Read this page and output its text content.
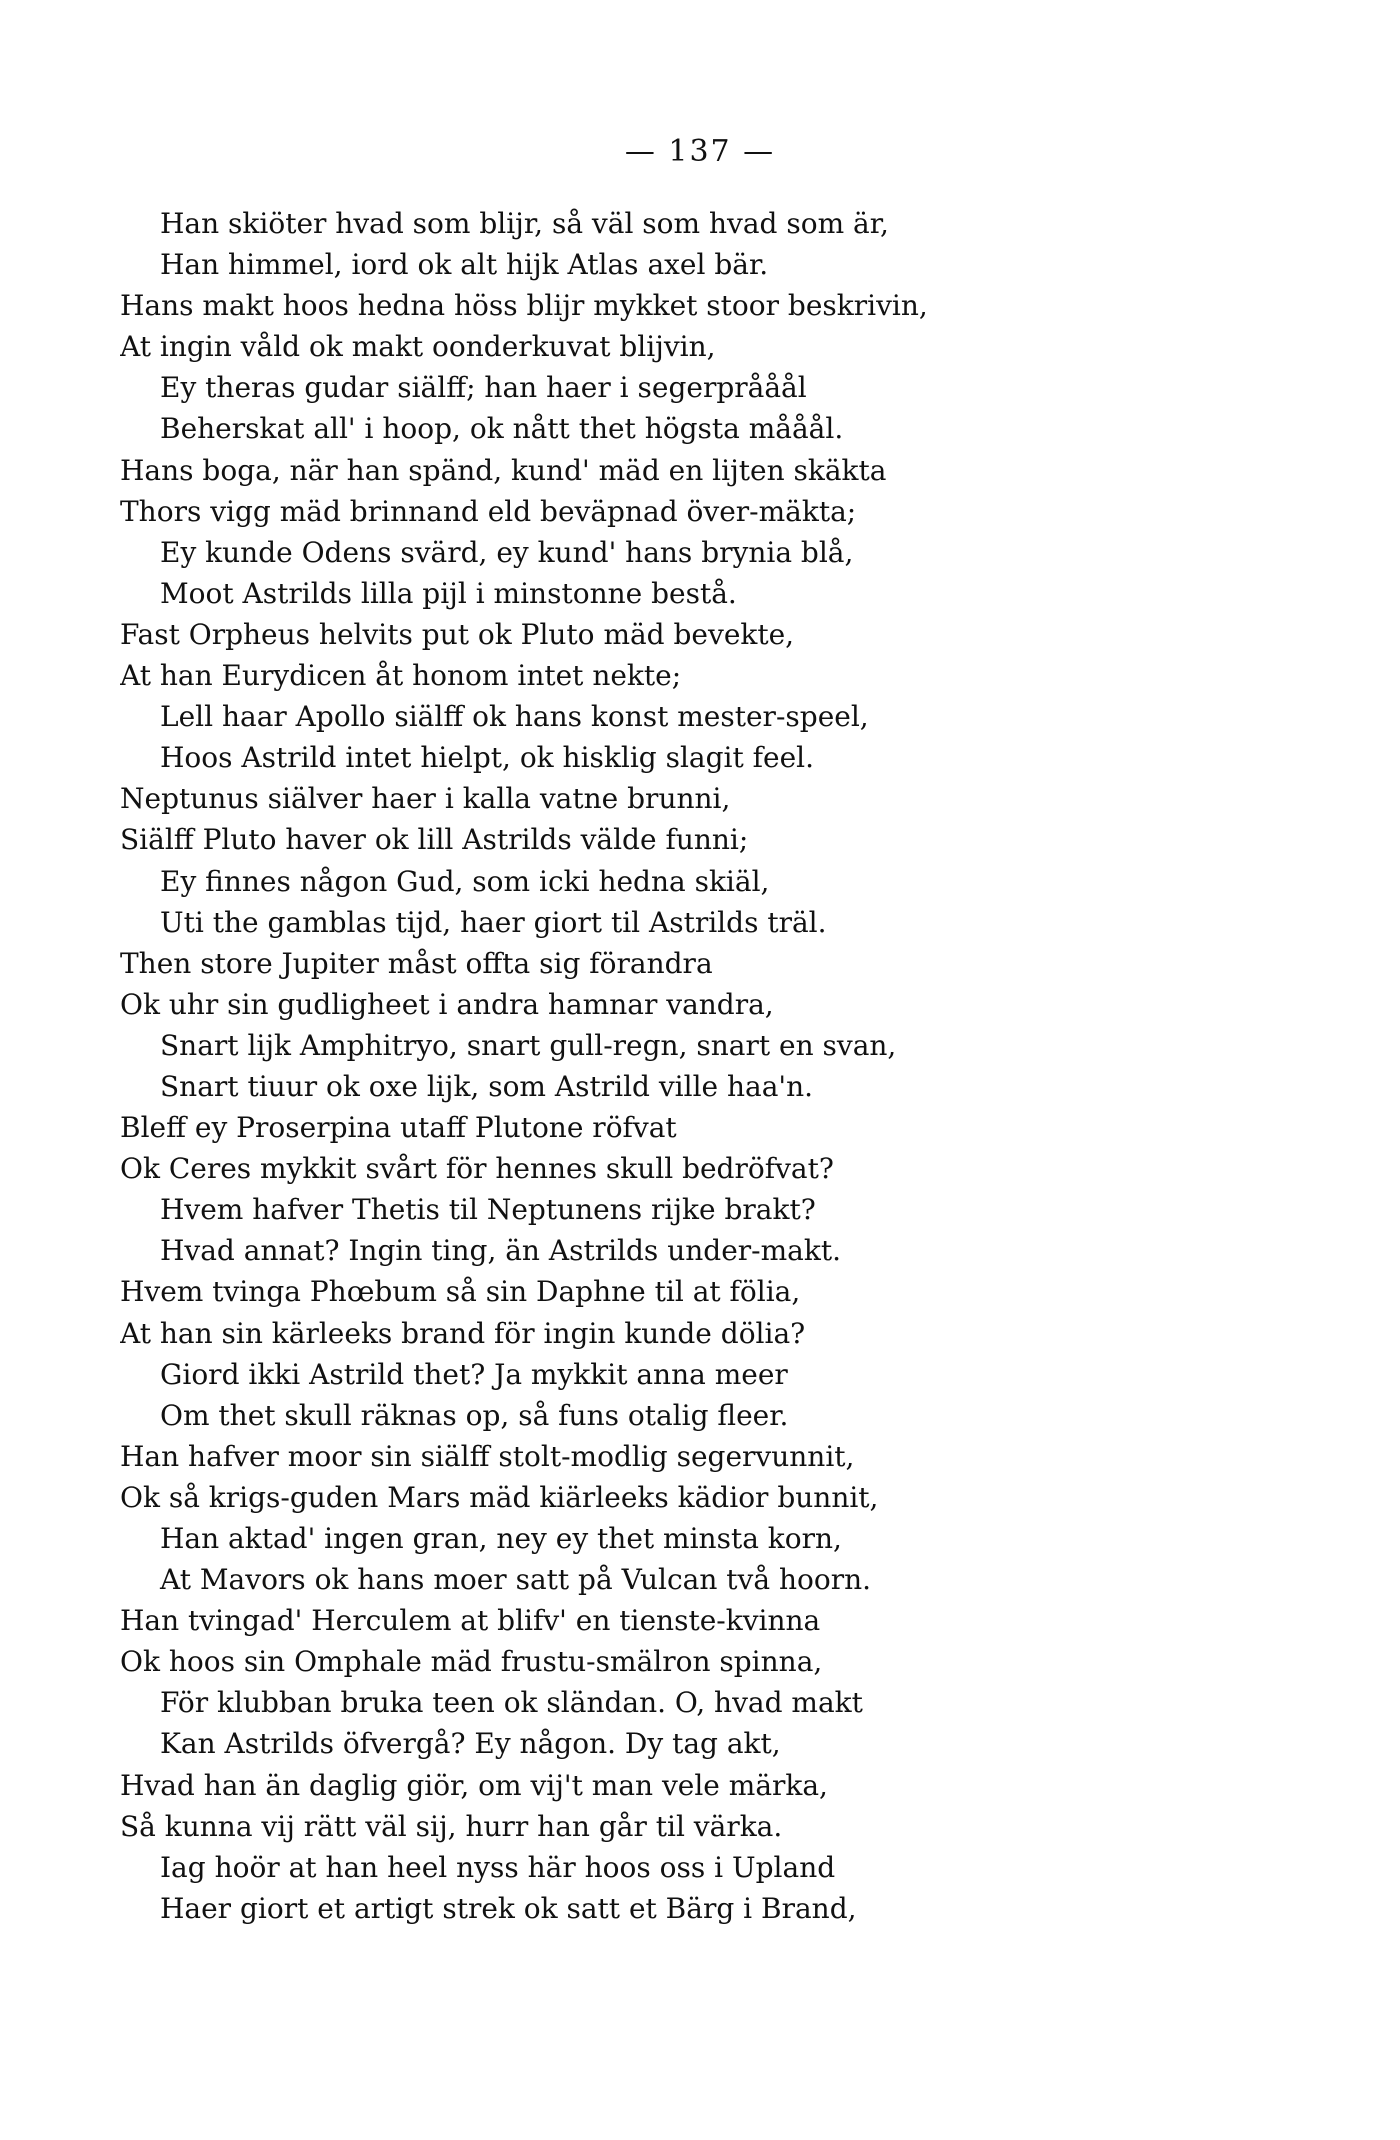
— 137 —
Han skiöter hvad som blijr, så väl som hvad som är,
Han himmel, iord ok alt hijk Atlas axel bär.
Hans makt hoos hedna höss blijr mykket stoor beskrivin,
At ingin våld ok makt oonderkuvat blijvin,
Ey theras gudar siälff; han haer i segerprååål
Beherskat all' i hoop, ok nått thet högsta mååål.
Hans boga, när han spänd, kund' mäd en lijten skäkta
Thors vigg mäd brinnand eld beväpnad över-mäkta;
Ey kunde Odens svärd, ey kund' hans brynia blå,
Moot Astrilds lilla pijl i minstonne bestå.
Fast Orpheus helvits put ok Pluto mäd bevekte,
At han Eurydicen åt honom intet nekte;
Lell haar Apollo siälff ok hans konst mester-speel,
Hoos Astrild intet hielpt, ok hisklig slagit feel.
Neptunus siälver haer i kalla vatne brunni,
Siälff Pluto haver ok lill Astrilds välde funni;
Ey finnes någon Gud, som icki hedna skiäl,
Uti the gamblas tijd, haer giort til Astrilds träl.
Then store Jupiter måst offta sig förandra
Ok uhr sin gudligheet i andra hamnar vandra,
Snart lijk Amphitryo, snart gull-regn, snart en svan,
Snart tiuur ok oxe lijk, som Astrild ville haa'n.
Bleff ey Proserpina utaff Plutone röfvat
Ok Ceres mykkit svårt för hennes skull bedröfvat?
Hvem hafver Thetis til Neptunens rijke brakt?
Hvad annat? Ingin ting, än Astrilds under-makt.
Hvem tvinga Phœbum så sin Daphne til at fölia,
At han sin kärleeks brand för ingin kunde dölia?
Giord ikki Astrild thet? Ja mykkit anna meer
Om thet skull räknas op, så funs otalig fleer.
Han hafver moor sin siälff stolt-modlig segervunnit,
Ok så krigs-guden Mars mäd kiärleeks kädior bunnit,
Han aktad' ingen gran, ney ey thet minsta korn,
At Mavors ok hans moer satt på Vulcan två hoorn.
Han tvingad' Herculem at blifv' en tienste-kvinna
Ok hoos sin Omphale mäd frustu-smälron spinna,
För klubban bruka teen ok sländan. O, hvad makt
Kan Astrilds öfvergå? Ey någon. Dy tag akt,
Hvad han än daglig giör, om vij't man vele märka,
Så kunna vij rätt väl sij, hurr han går til värka.
Iag hoör at han heel nyss här hoos oss i Upland
Haer giort et artigt strek ok satt et Bärg i Brand,
